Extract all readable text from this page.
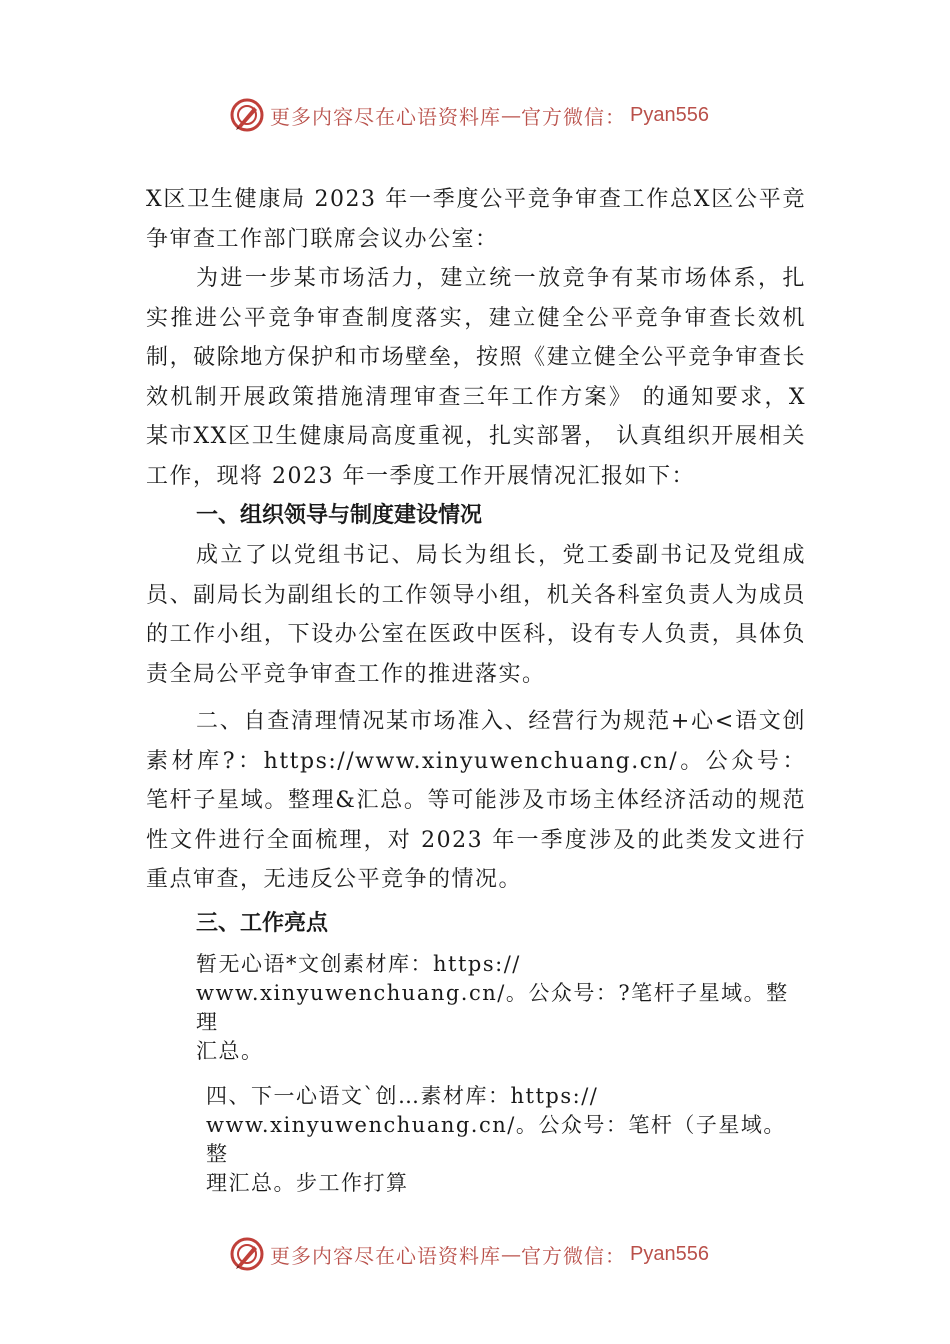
更多内容尽在心语资料库 — 官方微信： Pyan556

X区卫生健康局 2023 年一季度公平竞争审查工作总X区公平竞争审查工作部门联席会议办公室：

为进一步某市场活力，建立统一放竞争有某市场体系，扎实推进公平竞争审查制度落实，建立健全公平竞争审查长效机制，破除地方保护和市场壁垒，按照《建立健全公平竞争审查长效机制开展政策措施清理审查三年工作方案》 的通知要求，X某市XX区卫生健康局高度重视，扎实部署， 认真组织开展相关工作，现将 2023 年一季度工作开展情况汇报如下：

一、组织领导与制度建设情况

成立了以党组书记、局长为组长，党工委副书记及党组成员、副局长为副组长的工作领导小组，机关各科室负责人为成员的工作小组，下设办公室在医政中医科，设有专人负责，具体负责全局公平竞争审查工作的推进落实。

二、自查清理情况某市场准入、经营行为规范+心<语文创素材库?：https://www.xinyuwenchuang.cn/。公众号：笔杆子星域。整理&汇总。等可能涉及市场主体经济活动的规范性文件进行全面梳理，对 2023 年一季度涉及的此类发文进行重点审查，无违反公平竞争的情况。

三、工作亮点

暂无心语*文创素材库：https://

www.xinyuwenchuang.cn/。公众号：?笔杆子星域。整理

汇总。

四、下一心语文`创…素材库：https://

www.xinyuwenchuang.cn/。公众号：笔杆（子星域。整

理汇总。步工作打算

更多内容尽在心语资料库 — 官方微信： Pyan556
